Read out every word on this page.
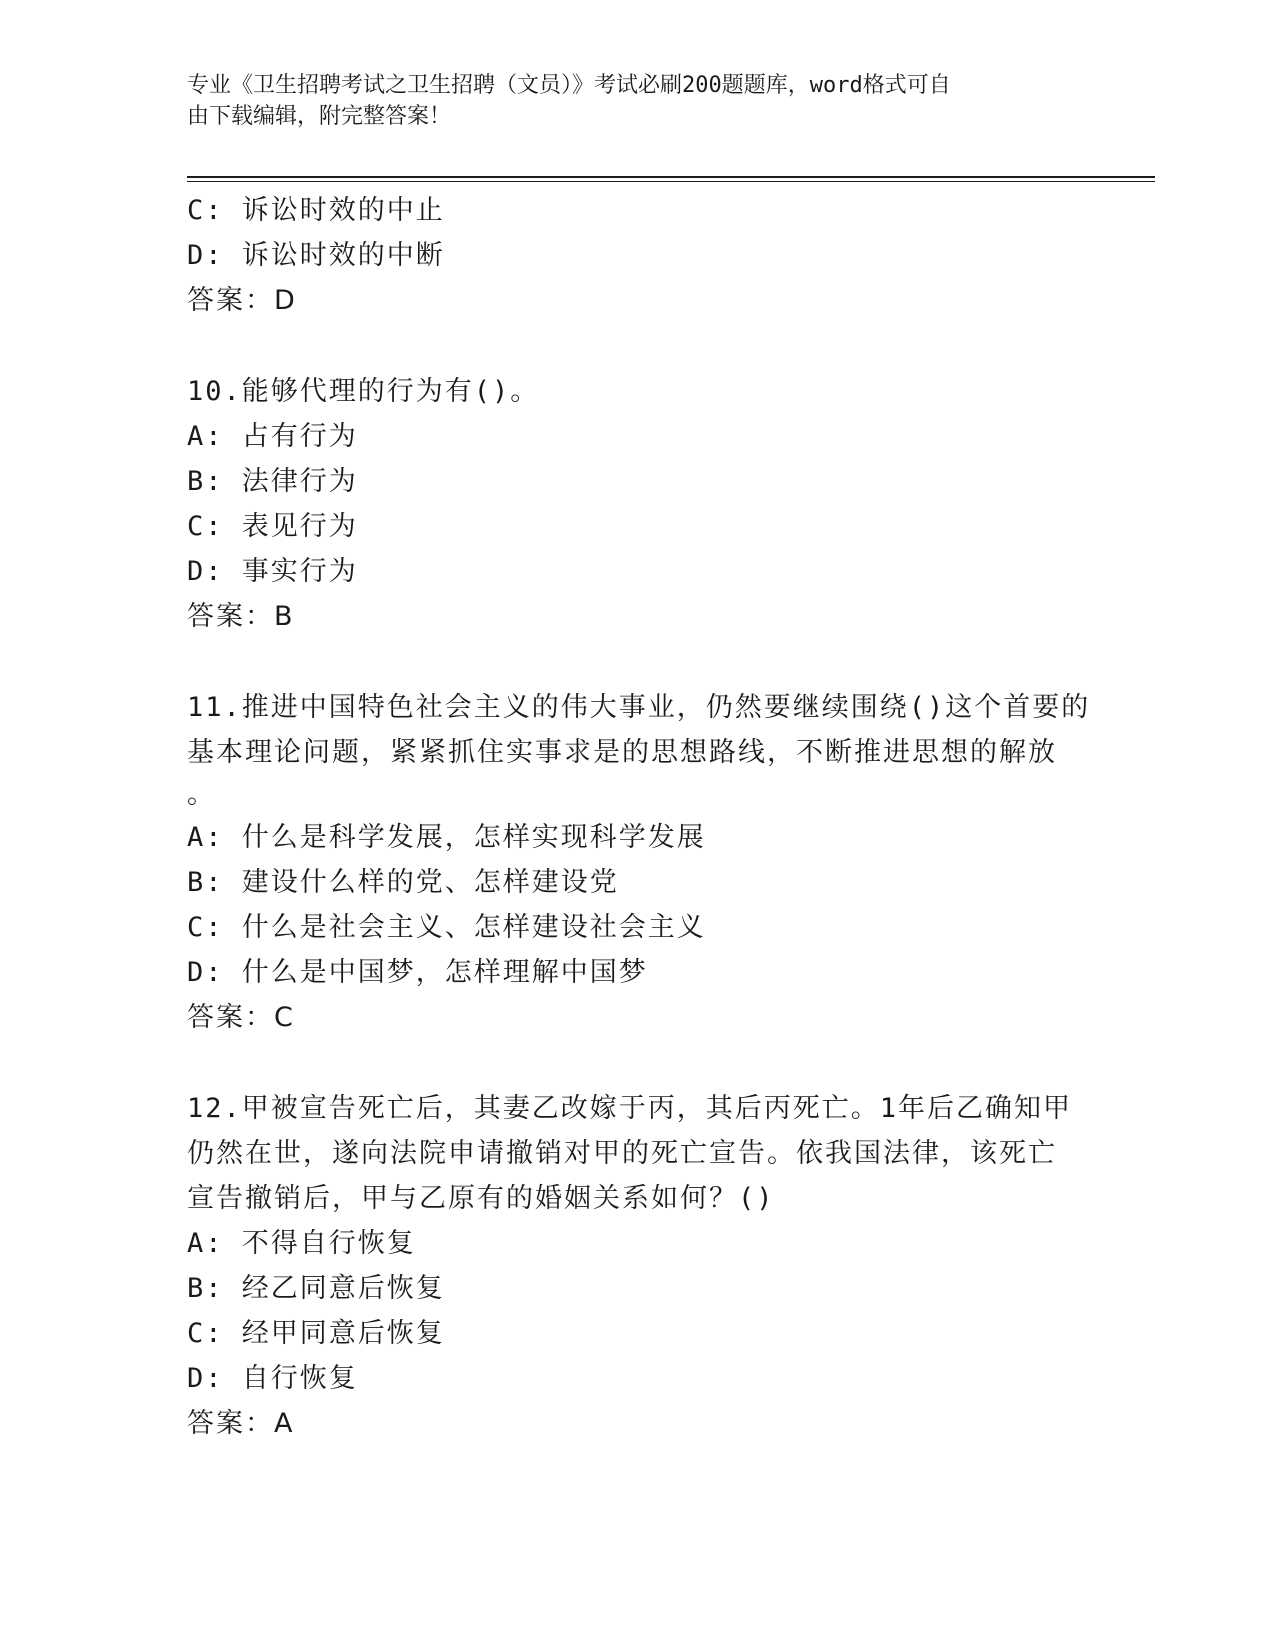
专业《卫生招聘考试之卫生招聘（文员）》考试必刷200题题库，word格式可自
由下载编辑，附完整答案！
C: 诉讼时效的中止
D: 诉讼时效的中断
答案：D
10.能够代理的行为有()。
A: 占有行为
B: 法律行为
C: 表见行为
D: 事实行为
答案：B
11.推进中国特色社会主义的伟大事业，仍然要继续围绕()这个首要的
基本理论问题，紧紧抓住实事求是的思想路线，不断推进思想的解放
。
A: 什么是科学发展，怎样实现科学发展
B: 建设什么样的党、怎样建设党
C: 什么是社会主义、怎样建设社会主义
D: 什么是中国梦，怎样理解中国梦
答案：C
12.甲被宣告死亡后，其妻乙改嫁于丙，其后丙死亡。1年后乙确知甲
仍然在世，遂向法院申请撤销对甲的死亡宣告。依我国法律，该死亡
宣告撤销后，甲与乙原有的婚姻关系如何？()
A: 不得自行恢复
B: 经乙同意后恢复
C: 经甲同意后恢复
D: 自行恢复
答案：A
